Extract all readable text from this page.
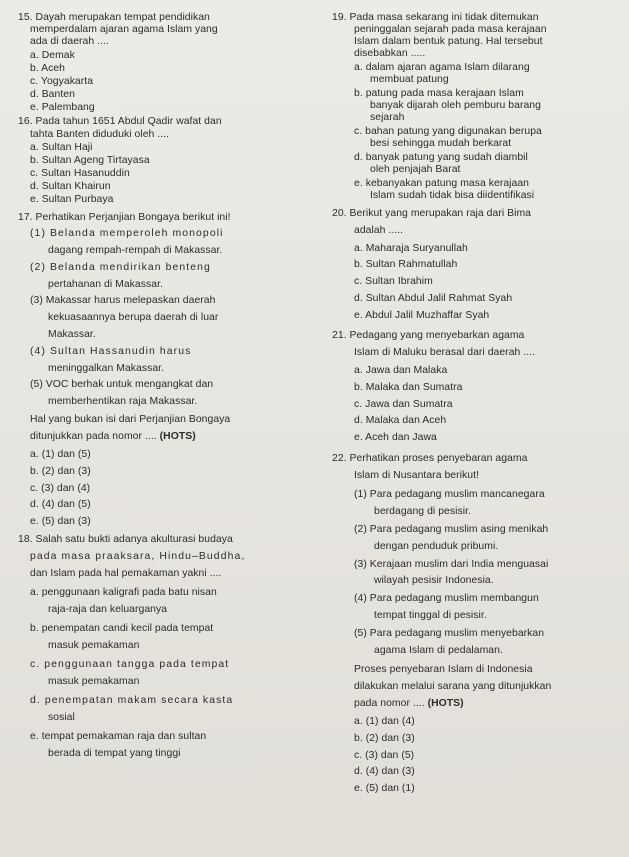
15. Dayah merupakan tempat pendidikan

memperdalam ajaran agama Islam yang

ada di daerah ....

a. Demak

b. Aceh

c. Yogyakarta

d. Banten

e. Palembang

16. Pada tahun 1651 Abdul Qadir wafat dan

tahta Banten diduduki oleh ....

a. Sultan Haji

b. Sultan Ageng Tirtayasa

c. Sultan Hasanuddin

d. Sultan Khairun

e. Sultan Purbaya

17. Perhatikan Perjanjian Bongaya berikut ini!

(1) Belanda memperoleh monopoli

dagang rempah-rempah di Makassar.

(2) Belanda mendirikan benteng

pertahanan di Makassar.

(3) Makassar harus melepaskan daerah

kekuasaannya berupa daerah di luar

Makassar.

(4) Sultan Hassanudin harus

meninggalkan Makassar.

(5) VOC berhak untuk mengangkat dan

memberhentikan raja Makassar.

Hal yang bukan isi dari Perjanjian Bongaya

ditunjukkan pada nomor .... (HOTS)

a. (1) dan (5)

b. (2) dan (3)

c. (3) dan (4)

d. (4) dan (5)

e. (5) dan (3)

18. Salah satu bukti adanya akulturasi budaya

pada masa praaksara, Hindu–Buddha,

dan Islam pada hal pemakaman yakni ....

a. penggunaan kaligrafi pada batu nisan

raja-raja dan keluarganya

b. penempatan candi kecil pada tempat

masuk pemakaman

c. penggunaan tangga pada tempat

masuk pemakaman

d. penempatan makam secara kasta

sosial

e. tempat pemakaman raja dan sultan

berada di tempat yang tinggi

19. Pada masa sekarang ini tidak ditemukan

peninggalan sejarah pada masa kerajaan

Islam dalam bentuk patung. Hal tersebut

disebabkan .....

a. dalam ajaran agama Islam dilarang

membuat patung

b. patung pada masa kerajaan Islam

banyak dijarah oleh pemburu barang

sejarah

c. bahan patung yang digunakan berupa

besi sehingga mudah berkarat

d. banyak patung yang sudah diambil

oleh penjajah Barat

e. kebanyakan patung masa kerajaan

Islam sudah tidak bisa diidentifikasi

20. Berikut yang merupakan raja dari Bima

adalah .....

a. Maharaja Suryanullah

b. Sultan Rahmatullah

c. Sultan Ibrahim

d. Sultan Abdul Jalil Rahmat Syah

e. Abdul Jalil Muzhaffar Syah

21. Pedagang yang menyebarkan agama

Islam di Maluku berasal dari daerah ....

a. Jawa dan Malaka

b. Malaka dan Sumatra

c. Jawa dan Sumatra

d. Malaka dan Aceh

e. Aceh dan Jawa

22. Perhatikan proses penyebaran agama

Islam di Nusantara berikut!

(1) Para pedagang muslim mancanegara

berdagang di pesisir.

(2) Para pedagang muslim asing menikah

dengan penduduk pribumi.

(3) Kerajaan muslim dari India menguasai

wilayah pesisir Indonesia.

(4) Para pedagang muslim membangun

tempat tinggal di pesisir.

(5) Para pedagang muslim menyebarkan

agama Islam di pedalaman.

Proses penyebaran Islam di Indonesia

dilakukan melalui sarana yang ditunjukkan

pada nomor .... (HOTS)

a. (1) dan (4)

b. (2) dan (3)

c. (3) dan (5)

d. (4) dan (3)

e. (5) dan (1)
